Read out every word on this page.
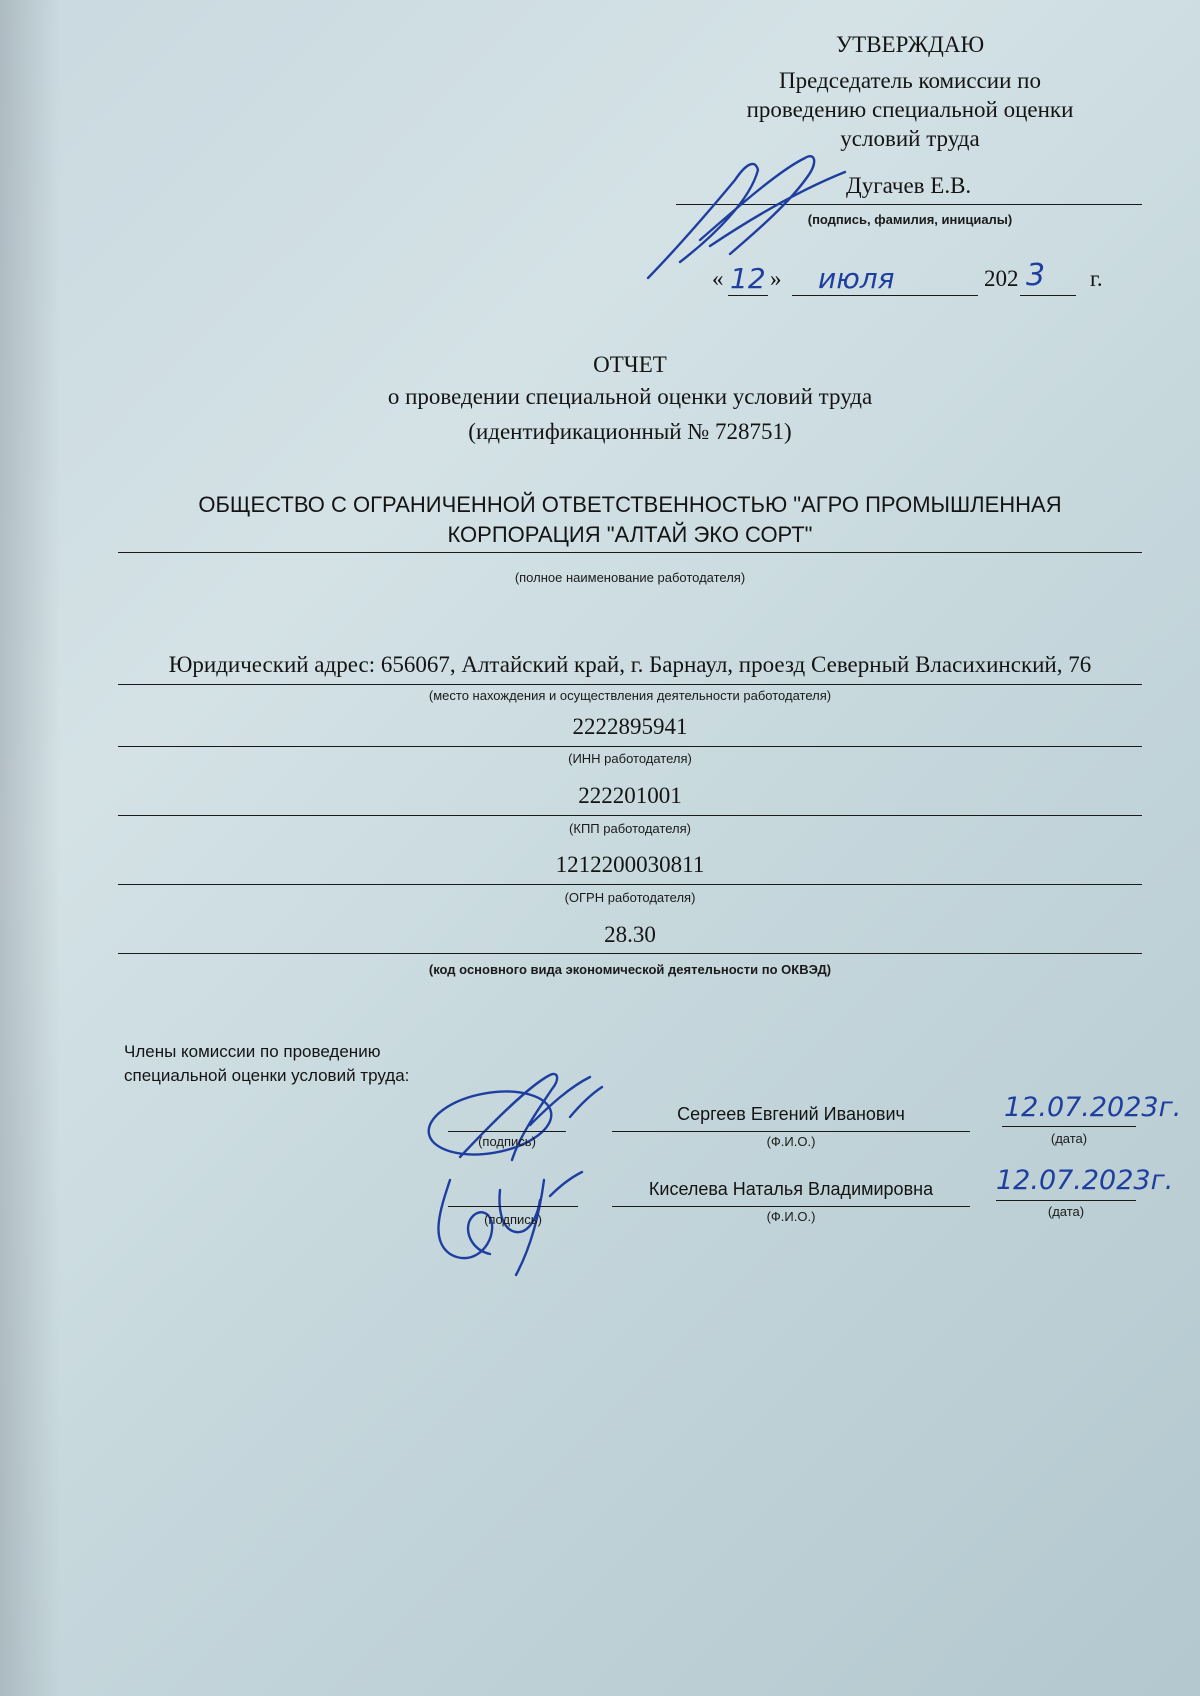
УТВЕРЖДАЮ
Председатель комиссии по
проведению специальной оценки
условий труда
Дугачев Е.В.
(подпись, фамилия, инициалы)
« 12 » июля	202 3 г.
ОТЧЕТ
о проведении специальной оценки условий труда
(идентификационный № 728751)
ОБЩЕСТВО С ОГРАНИЧЕННОЙ ОТВЕТСТВЕННОСТЬЮ "АГРО ПРОМЫШЛЕННАЯ
КОРПОРАЦИЯ "АЛТАЙ ЭКО СОРТ"
(полное наименование работодателя)
Юридический адрес: 656067, Алтайский край, г. Барнаул, проезд Северный Власихинский, 76
(место нахождения и осуществления деятельности работодателя)
2222895941
(ИНН работодателя)
222201001
(КПП работодателя)
1212200030811
(ОГРН работодателя)
28.30
(код основного вида экономической деятельности по ОКВЭД)
Члены комиссии по проведению
специальной оценки условий труда:
(подпись)
Сергеев Евгений Иванович
(Ф.И.О.)
12.07.2023г.
(дата)
(подпись)
Киселева Наталья Владимировна
(Ф.И.О.)
12.07.2023г.
(дата)
